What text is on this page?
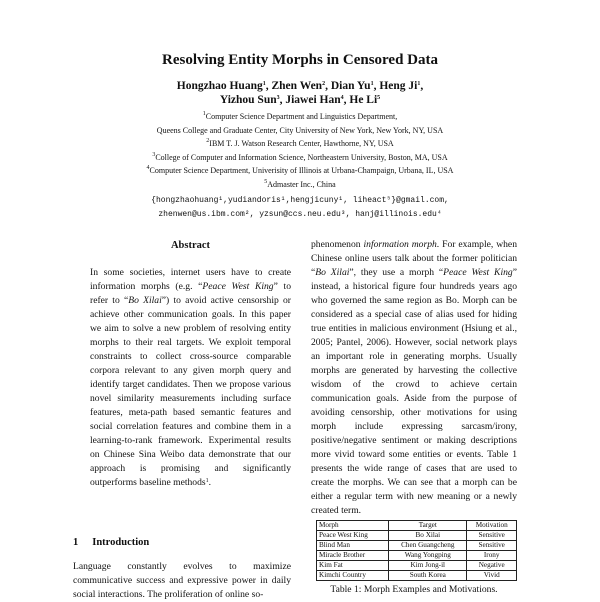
Resolving Entity Morphs in Censored Data
Hongzhao Huang$^1$, Zhen Wen$^2$, Dian Yu$^1$, Heng Ji$^1$,
Yizhou Sun$^3$, Jiawei Han$^4$, He Li$^5$
$^1$Computer Science Department and Linguistics Department,
Queens College and Graduate Center, City University of New York, New York, NY, USA
$^2$IBM T. J. Watson Research Center, Hawthorne, NY, USA
$^3$College of Computer and Information Science, Northeastern University, Boston, MA, USA
$^4$Computer Science Department, Univerisity of Illinois at Urbana-Champaign, Urbana, IL, USA
$^5$Admaster Inc., China
{hongzhaohuang¹,yudiandoris¹,hengjicuny¹, liheact⁵}@gmail.com,
zhenwen@us.ibm.com², yzsun@ccs.neu.edu³, hanj@illinois.edu⁴
Abstract
In some societies, internet users have to create information morphs (e.g. “Peace West King” to refer to “Bo Xilai”) to avoid active censorship or achieve other communication goals. In this paper we aim to solve a new problem of resolving entity morphs to their real targets. We exploit temporal constraints to collect cross-source comparable corpora relevant to any given morph query and identify target candidates. Then we propose various novel similarity measurements including surface features, meta-path based semantic features and social correlation features and combine them in a learning-to-rank framework. Experimental results on Chinese Sina Weibo data demonstrate that our approach is promising and significantly outperforms baseline methods$^1$.
1 Introduction
Language constantly evolves to maximize communicative success and expressive power in daily social interactions. The proliferation of online so-
phenomenon information morph. For example, when Chinese online users talk about the former politician “Bo Xilai”, they use a morph “Peace West King” instead, a historical figure four hundreds years ago who governed the same region as Bo. Morph can be considered as a special case of alias used for hiding true entities in malicious environment (Hsiung et al., 2005; Pantel, 2006). However, social network plays an important role in generating morphs. Usually morphs are generated by harvesting the collective wisdom of the crowd to achieve certain communication goals. Aside from the purpose of avoiding censorship, other motivations for using morph include expressing sarcasm/irony, positive/negative sentiment or making descriptions more vivid toward some entities or events. Table 1 presents the wide range of cases that are used to create the morphs. We can see that a morph can be either a regular term with new meaning or a newly created term.
Morph	Target	Motivation
Peace West King	Bo Xilai	Sensitive
Blind Man	Chen Guangcheng	Sensitive
Miracle Brother	Wang Yongping	Irony
Kim Fat	Kim Jong-il	Negative
Kimchi Country	South Korea	Vivid
Table 1: Morph Examples and Motivations.
